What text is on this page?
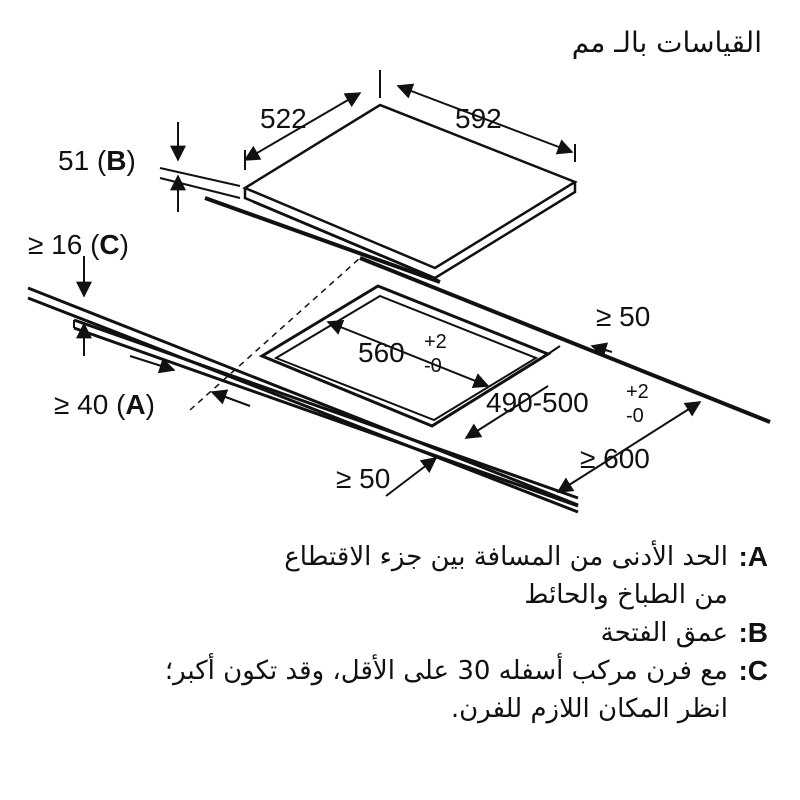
القياسات بالـ مم
522	592
51 (B)
≥ 16 (C)
≥ 40 (A)
560 +2
-0
490-500 +2
-0
≥ 50
≥ 600
≥ 50
A:
الحد الأدنى من المسافة بين جزء الاقتطاع
من الطباخ والحائط
B:
عمق الفتحة
C:
مع فرن مركب أسفله 30 على الأقل، وقد تكون أكبر؛
انظر المكان اللازم للفرن.
